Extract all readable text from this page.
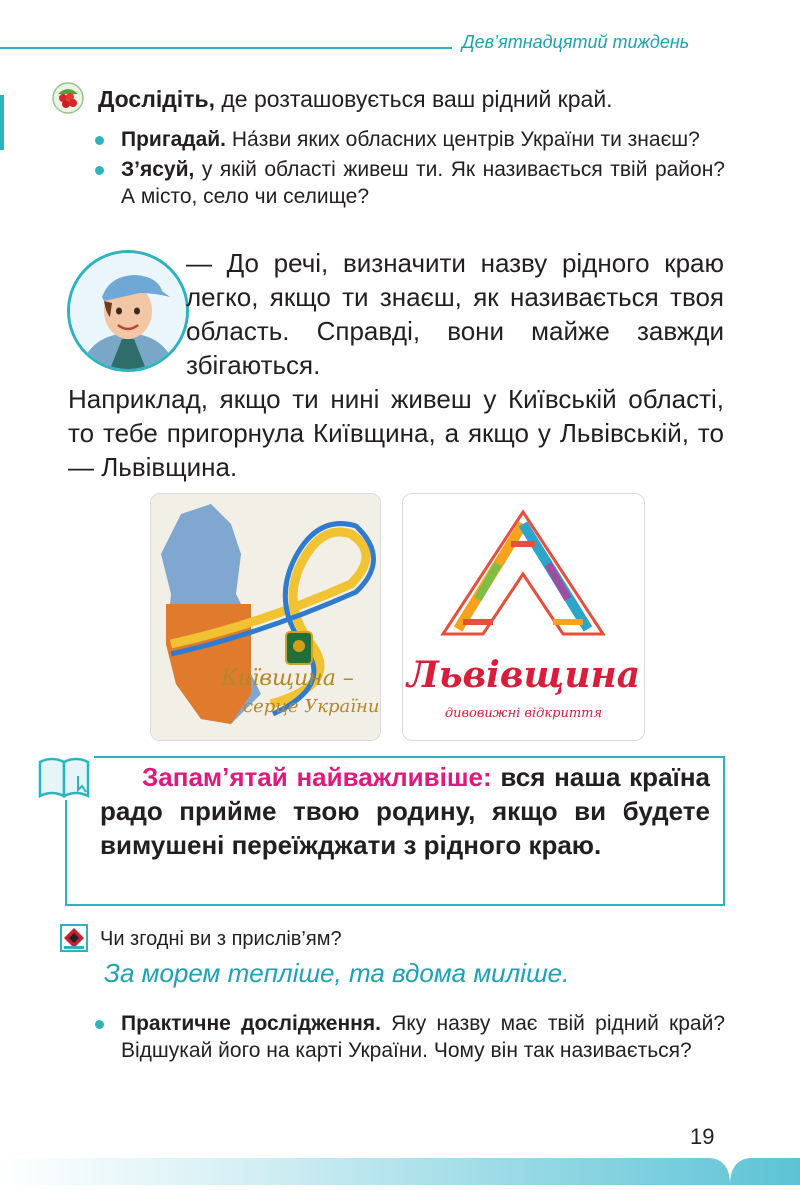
Дев’ятнадцятий тиждень
Дослідіть, де розташовується ваш рідний край.
Пригадай. На́зви яких обласних центрів України ти знаєш?
З’ясуй, у якій області живеш ти. Як називається твій район? А місто, село чи селище?
— До речі, визначити назву рідного краю легко, якщо ти знаєш, як називається твоя область. Справді, вони майже завжди збігаються.
Наприклад, якщо ти нині живеш у Київській області, то тебе пригорнула Київщина, а якщо у Львівській, то — Львівщина.
Київщина –
серце України
Львівщина
дивовижні відкриття
Запам’ятай найважливіше: вся наша країна радо прийме твою родину, якщо ви будете вимушені переїжджати з рідного краю.
Чи згодні ви з прислів’ям?
За морем тепліше, та вдома миліше.
Практичне дослідження. Яку назву має твій рідний край? Відшукай його на карті України. Чому він так називається?
19
